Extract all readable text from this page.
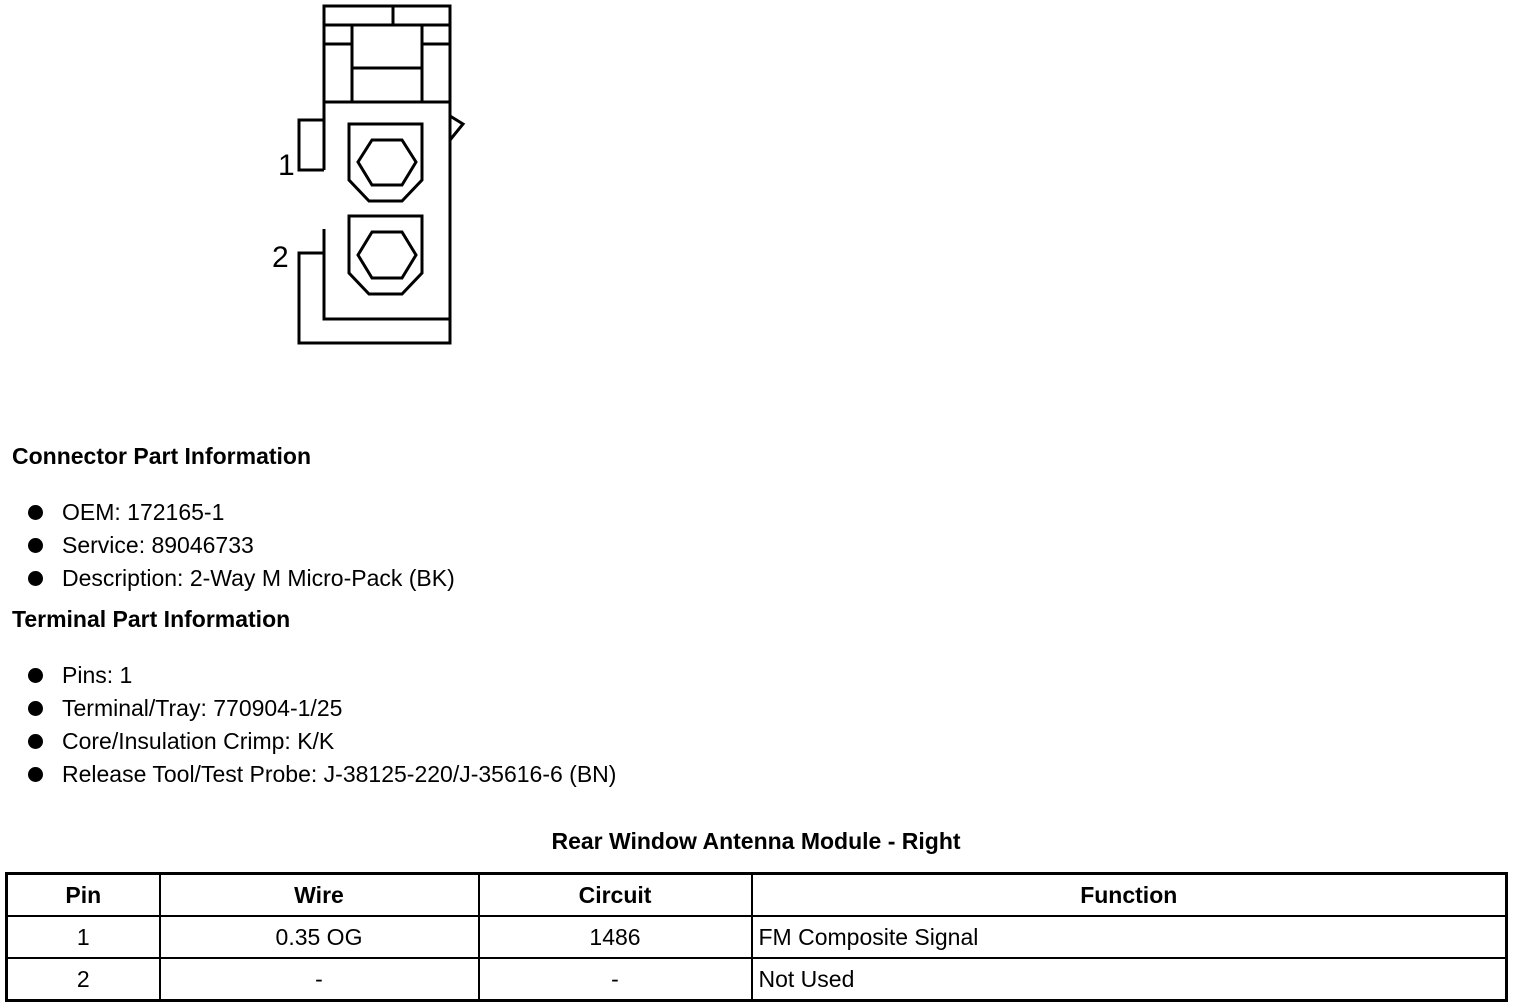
1
2
Connector Part Information
OEM: 172165-1
Service: 89046733
Description: 2-Way M Micro-Pack (BK)
Terminal Part Information
Pins: 1
Terminal/Tray: 770904-1/25
Core/Insulation Crimp: K/K
Release Tool/Test Probe: J-38125-220/J-35616-6 (BN)
Rear Window Antenna Module - Right
Pin	Wire	Circuit	Function
1	0.35 OG	1486	FM Composite Signal
2	-	-	Not Used
